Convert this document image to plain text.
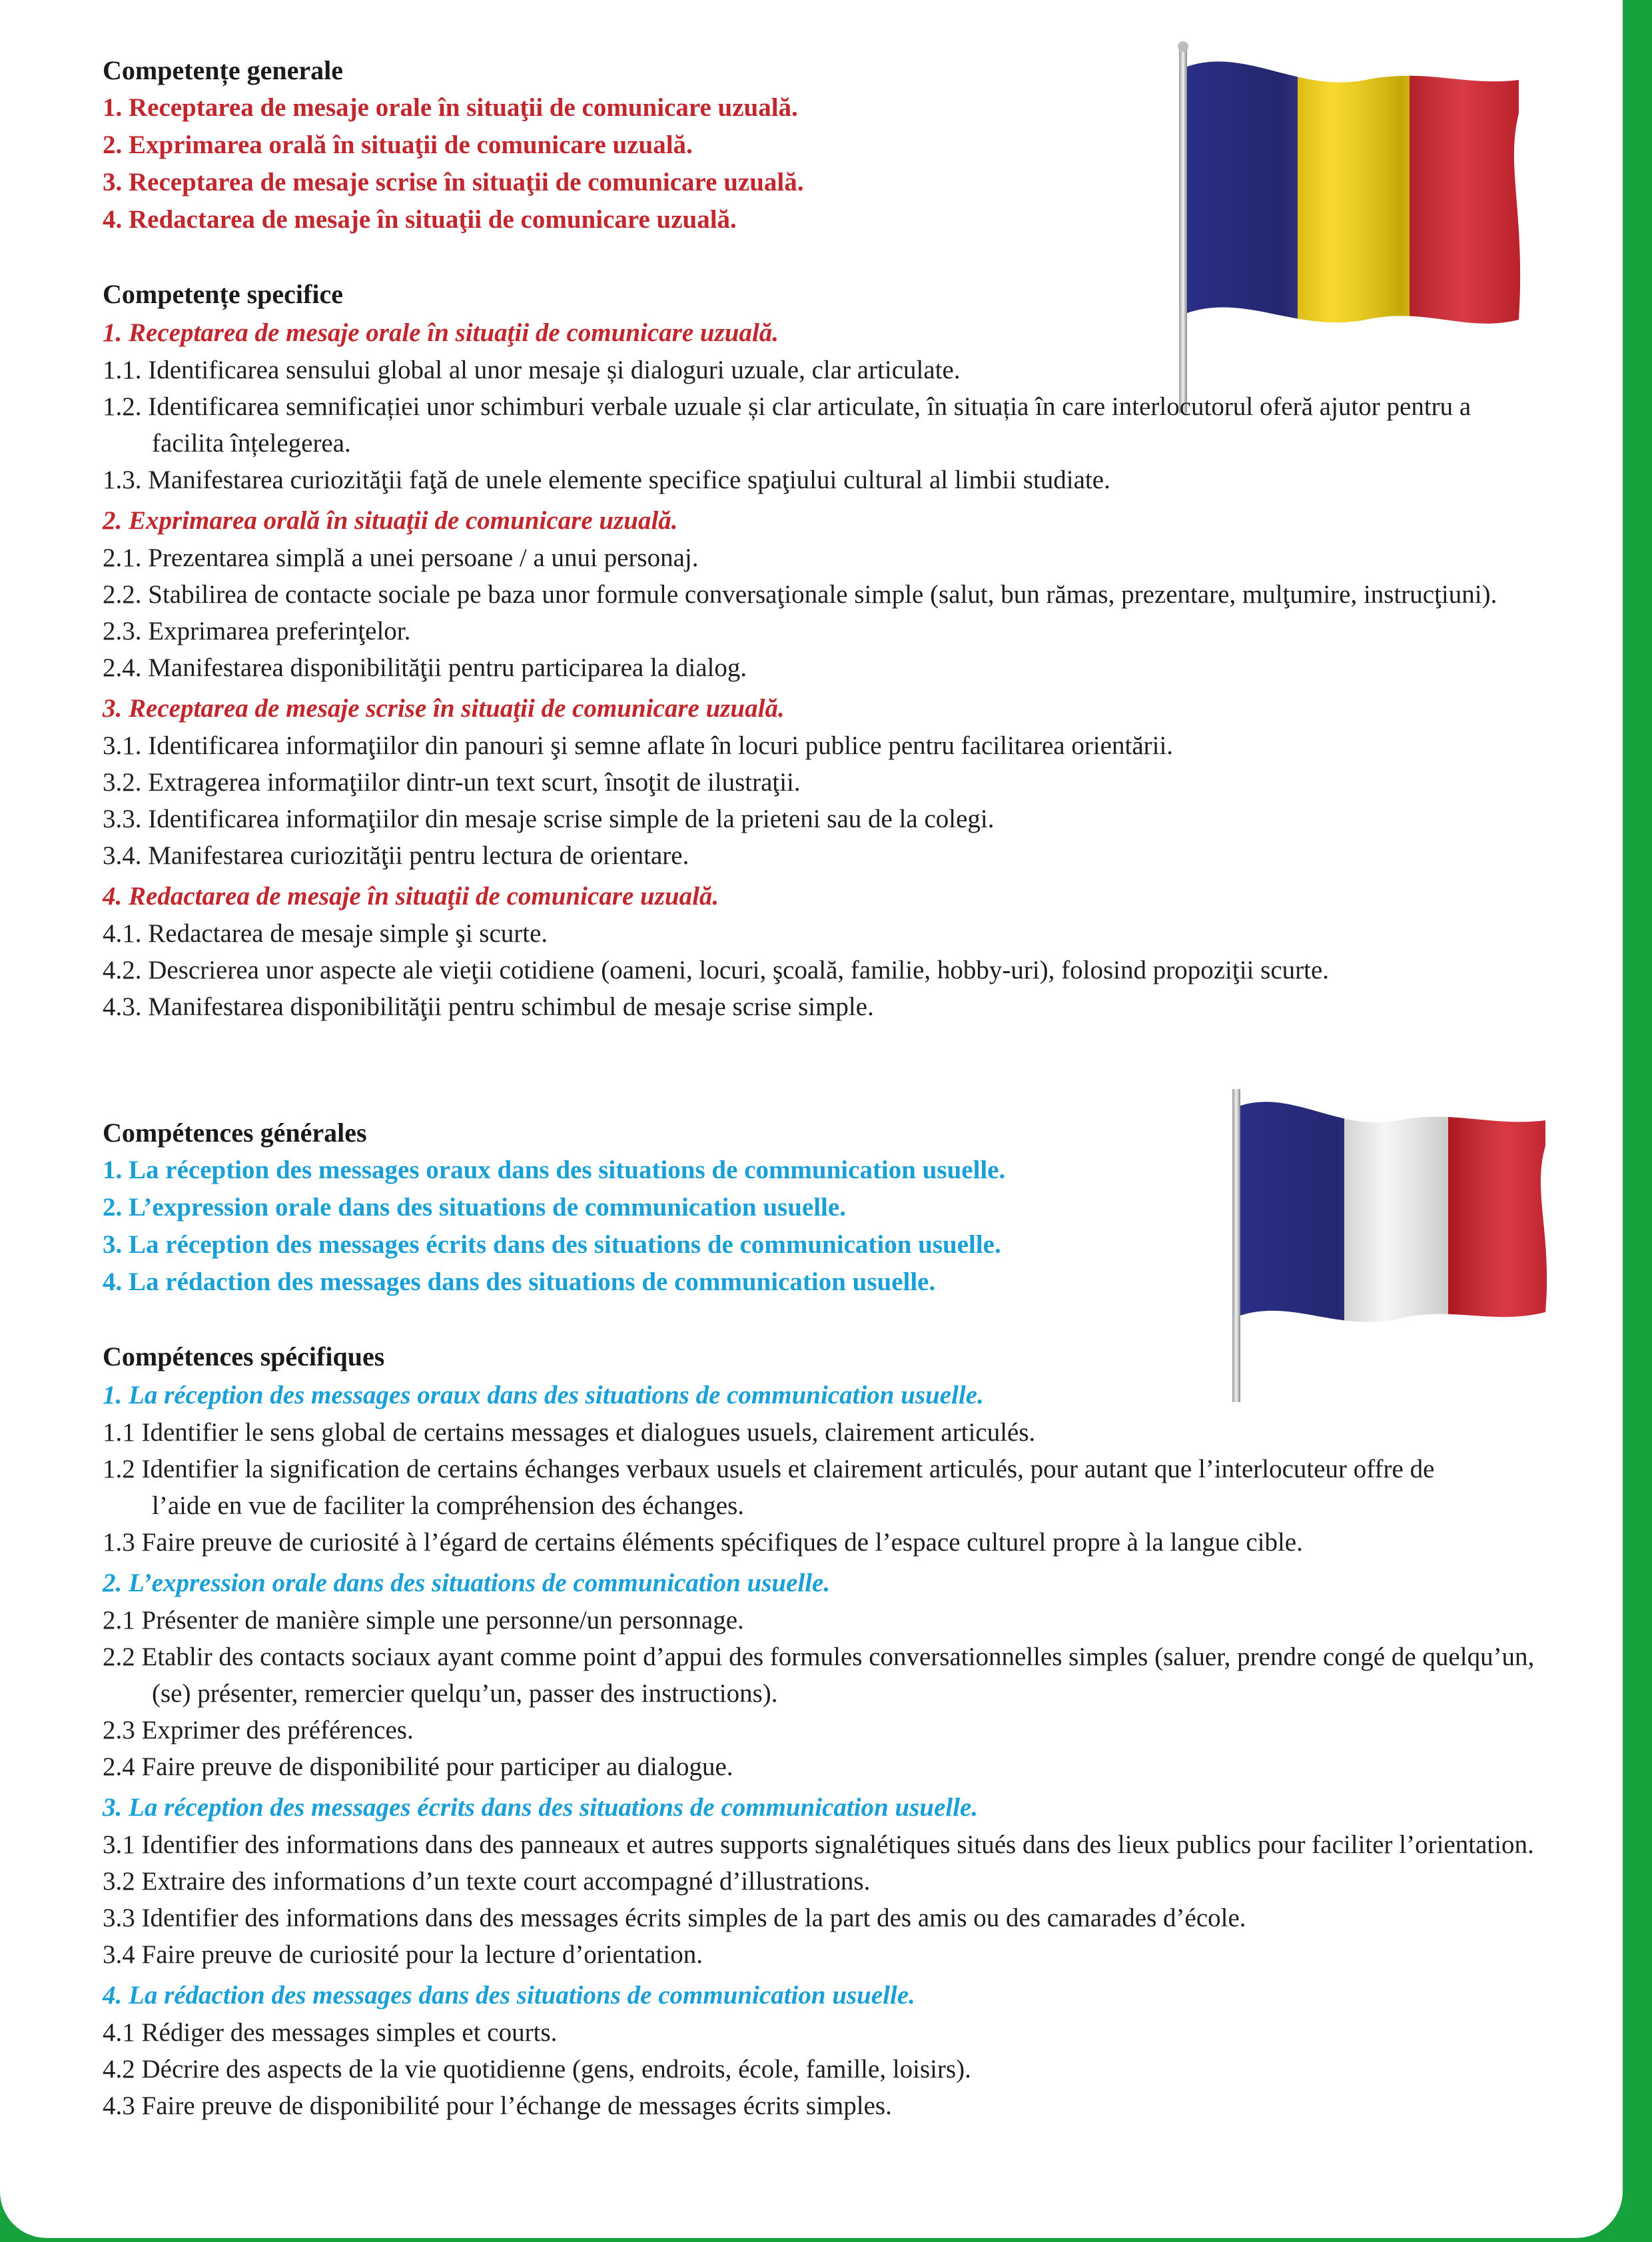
Competențe generale
1. Receptarea de mesaje orale în situaţii de comunicare uzuală.
2. Exprimarea orală în situaţii de comunicare uzuală.
3. Receptarea de mesaje scrise în situaţii de comunicare uzuală.
4. Redactarea de mesaje în situaţii de comunicare uzuală.
Competențe specifice
1. Receptarea de mesaje orale în situaţii de comunicare uzuală.
1.1. Identificarea sensului global al unor mesaje și dialoguri uzuale, clar articulate.
1.2. Identificarea semnificației unor schimburi verbale uzuale și clar articulate, în situația în care interlocutorul oferă ajutor pentru a facilita înțelegerea.
1.3. Manifestarea curiozităţii faţă de unele elemente specifice spaţiului cultural al limbii studiate.
2. Exprimarea orală în situaţii de comunicare uzuală.
2.1. Prezentarea simplă a unei persoane / a unui personaj.
2.2. Stabilirea de contacte sociale pe baza unor formule conversaţionale simple (salut, bun rămas, prezentare, mulţumire, instrucţiuni).
2.3. Exprimarea preferinţelor.
2.4. Manifestarea disponibilităţii pentru participarea la dialog.
3. Receptarea de mesaje scrise în situaţii de comunicare uzuală.
3.1. Identificarea informaţiilor din panouri şi semne aflate în locuri publice pentru facilitarea orientării.
3.2. Extragerea informaţiilor dintr-un text scurt, însoţit de ilustraţii.
3.3. Identificarea informaţiilor din mesaje scrise simple de la prieteni sau de la colegi.
3.4. Manifestarea curiozităţii pentru lectura de orientare.
4. Redactarea de mesaje în situaţii de comunicare uzuală.
4.1. Redactarea de mesaje simple şi scurte.
4.2. Descrierea unor aspecte ale vieţii cotidiene (oameni, locuri, şcoală, familie, hobby-uri), folosind propoziţii scurte.
4.3. Manifestarea disponibilităţii pentru schimbul de mesaje scrise simple.
Compétences générales
1. La réception des messages oraux dans des situations de communication usuelle.
2. L’expression orale dans des situations de communication usuelle.
3. La réception des messages écrits dans des situations de communication usuelle.
4. La rédaction des messages dans des situations de communication usuelle.
Compétences spécifiques
1. La réception des messages oraux dans des situations de communication usuelle.
1.1 Identifier le sens global de certains messages et dialogues usuels, clairement articulés.
1.2 Identifier la signification de certains échanges verbaux usuels et clairement articulés, pour autant que l’interlocuteur offre de l’aide en vue de faciliter la compréhension des échanges.
1.3 Faire preuve de curiosité à l’égard de certains éléments spécifiques de l’espace culturel propre à la langue cible.
2. L’expression orale dans des situations de communication usuelle.
2.1 Présenter de manière simple une personne/un personnage.
2.2 Etablir des contacts sociaux ayant comme point d’appui des formules conversationnelles simples (saluer, prendre congé de quelqu’un, (se) présenter, remercier quelqu’un, passer des instructions).
2.3 Exprimer des préférences.
2.4 Faire preuve de disponibilité pour participer au dialogue.
3. La réception des messages écrits dans des situations de communication usuelle.
3.1 Identifier des informations dans des panneaux et autres supports signalétiques situés dans des lieux publics pour faciliter l’orientation.
3.2 Extraire des informations d’un texte court accompagné d’illustrations.
3.3 Identifier des informations dans des messages écrits simples de la part des amis ou des camarades d’école.
3.4 Faire preuve de curiosité pour la lecture d’orientation.
4. La rédaction des messages dans des situations de communication usuelle.
4.1 Rédiger des messages simples et courts.
4.2 Décrire des aspects de la vie quotidienne (gens, endroits, école, famille, loisirs).
4.3 Faire preuve de disponibilité pour l’échange de messages écrits simples.
